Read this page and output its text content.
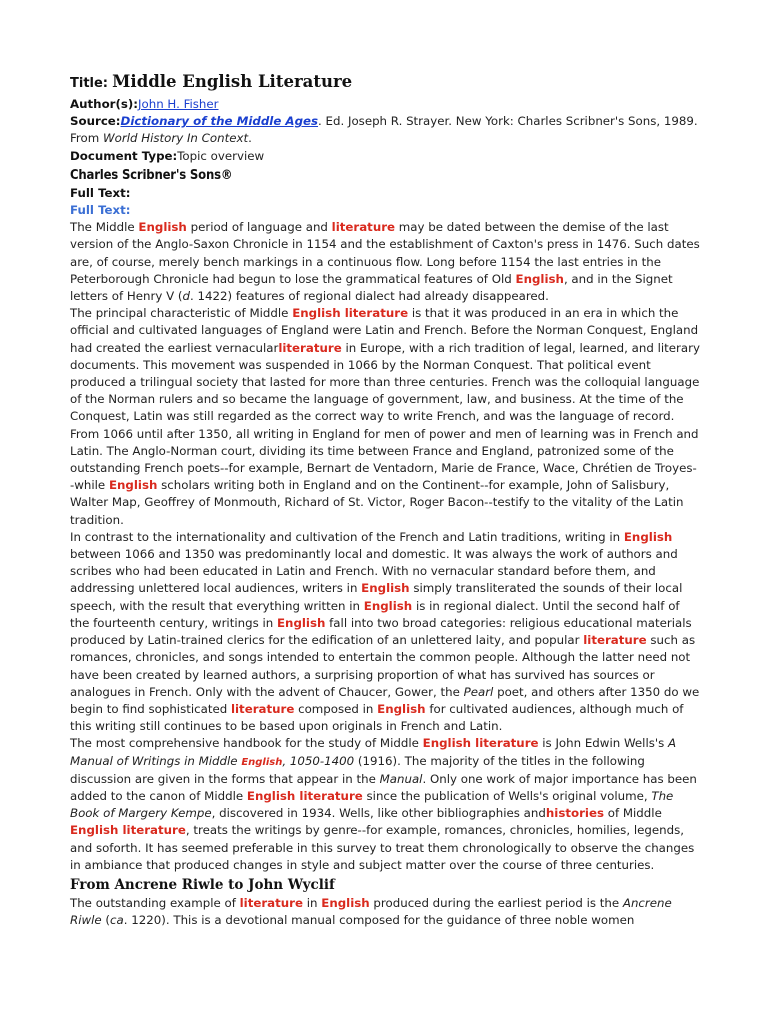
Title: Middle English Literature
Author(s):John H. Fisher
Source:Dictionary of the Middle Ages. Ed. Joseph R. Strayer. New York: Charles Scribner's Sons, 1989. From World History In Context.
Document Type:Topic overview
Charles Scribner's Sons®
Full Text:
Full Text:

The Middle English period of language and literature may be dated between the demise of the last version of the Anglo-Saxon Chronicle in 1154 and the establishment of Caxton's press in 1476. Such dates are, of course, merely bench markings in a continuous flow. Long before 1154 the last entries in the Peterborough Chronicle had begun to lose the grammatical features of Old English, and in the Signet letters of Henry V (d. 1422) features of regional dialect had already disappeared.

The principal characteristic of Middle English literature is that it was produced in an era in which the official and cultivated languages of England were Latin and French. Before the Norman Conquest, England had created the earliest vernacularliterature in Europe, with a rich tradition of legal, learned, and literary documents. This movement was suspended in 1066 by the Norman Conquest. That political event produced a trilingual society that lasted for more than three centuries. French was the colloquial language of the Norman rulers and so became the language of government, law, and business. At the time of the Conquest, Latin was still regarded as the correct way to write French, and was the language of record. From 1066 until after 1350, all writing in England for men of power and men of learning was in French and Latin. The Anglo-Norman court, dividing its time between France and England, patronized some of the outstanding French poets--for example, Bernart de Ventadorn, Marie de France, Wace, Chrétien de Troyes--while English scholars writing both in England and on the Continent--for example, John of Salisbury, Walter Map, Geoffrey of Monmouth, Richard of St. Victor, Roger Bacon--testify to the vitality of the Latin tradition.

In contrast to the internationality and cultivation of the French and Latin traditions, writing in English between 1066 and 1350 was predominantly local and domestic. It was always the work of authors and scribes who had been educated in Latin and French. With no vernacular standard before them, and addressing unlettered local audiences, writers in English simply transliterated the sounds of their local speech, with the result that everything written in English is in regional dialect. Until the second half of the fourteenth century, writings in English fall into two broad categories: religious educational materials produced by Latin-trained clerics for the edification of an unlettered laity, and popular literature such as romances, chronicles, and songs intended to entertain the common people. Although the latter need not have been created by learned authors, a surprising proportion of what has survived has sources or analogues in French. Only with the advent of Chaucer, Gower, the Pearl poet, and others after 1350 do we begin to find sophisticated literature composed in English for cultivated audiences, although much of this writing still continues to be based upon originals in French and Latin.

The most comprehensive handbook for the study of Middle English literature is John Edwin Wells's A Manual of Writings in Middle English, 1050-1400 (1916). The majority of the titles in the following discussion are given in the forms that appear in the Manual. Only one work of major importance has been added to the canon of Middle English literature since the publication of Wells's original volume, The Book of Margery Kempe, discovered in 1934. Wells, like other bibliographies andhistories of Middle English literature, treats the writings by genre--for example, romances, chronicles, homilies, legends, and soforth. It has seemed preferable in this survey to treat them chronologically to observe the changes in ambiance that produced changes in style and subject matter over the course of three centuries.

From Ancrene Riwle to John Wyclif

The outstanding example of literature in English produced during the earliest period is the Ancrene Riwle (ca. 1220). This is a devotional manual composed for the guidance of three noble women
